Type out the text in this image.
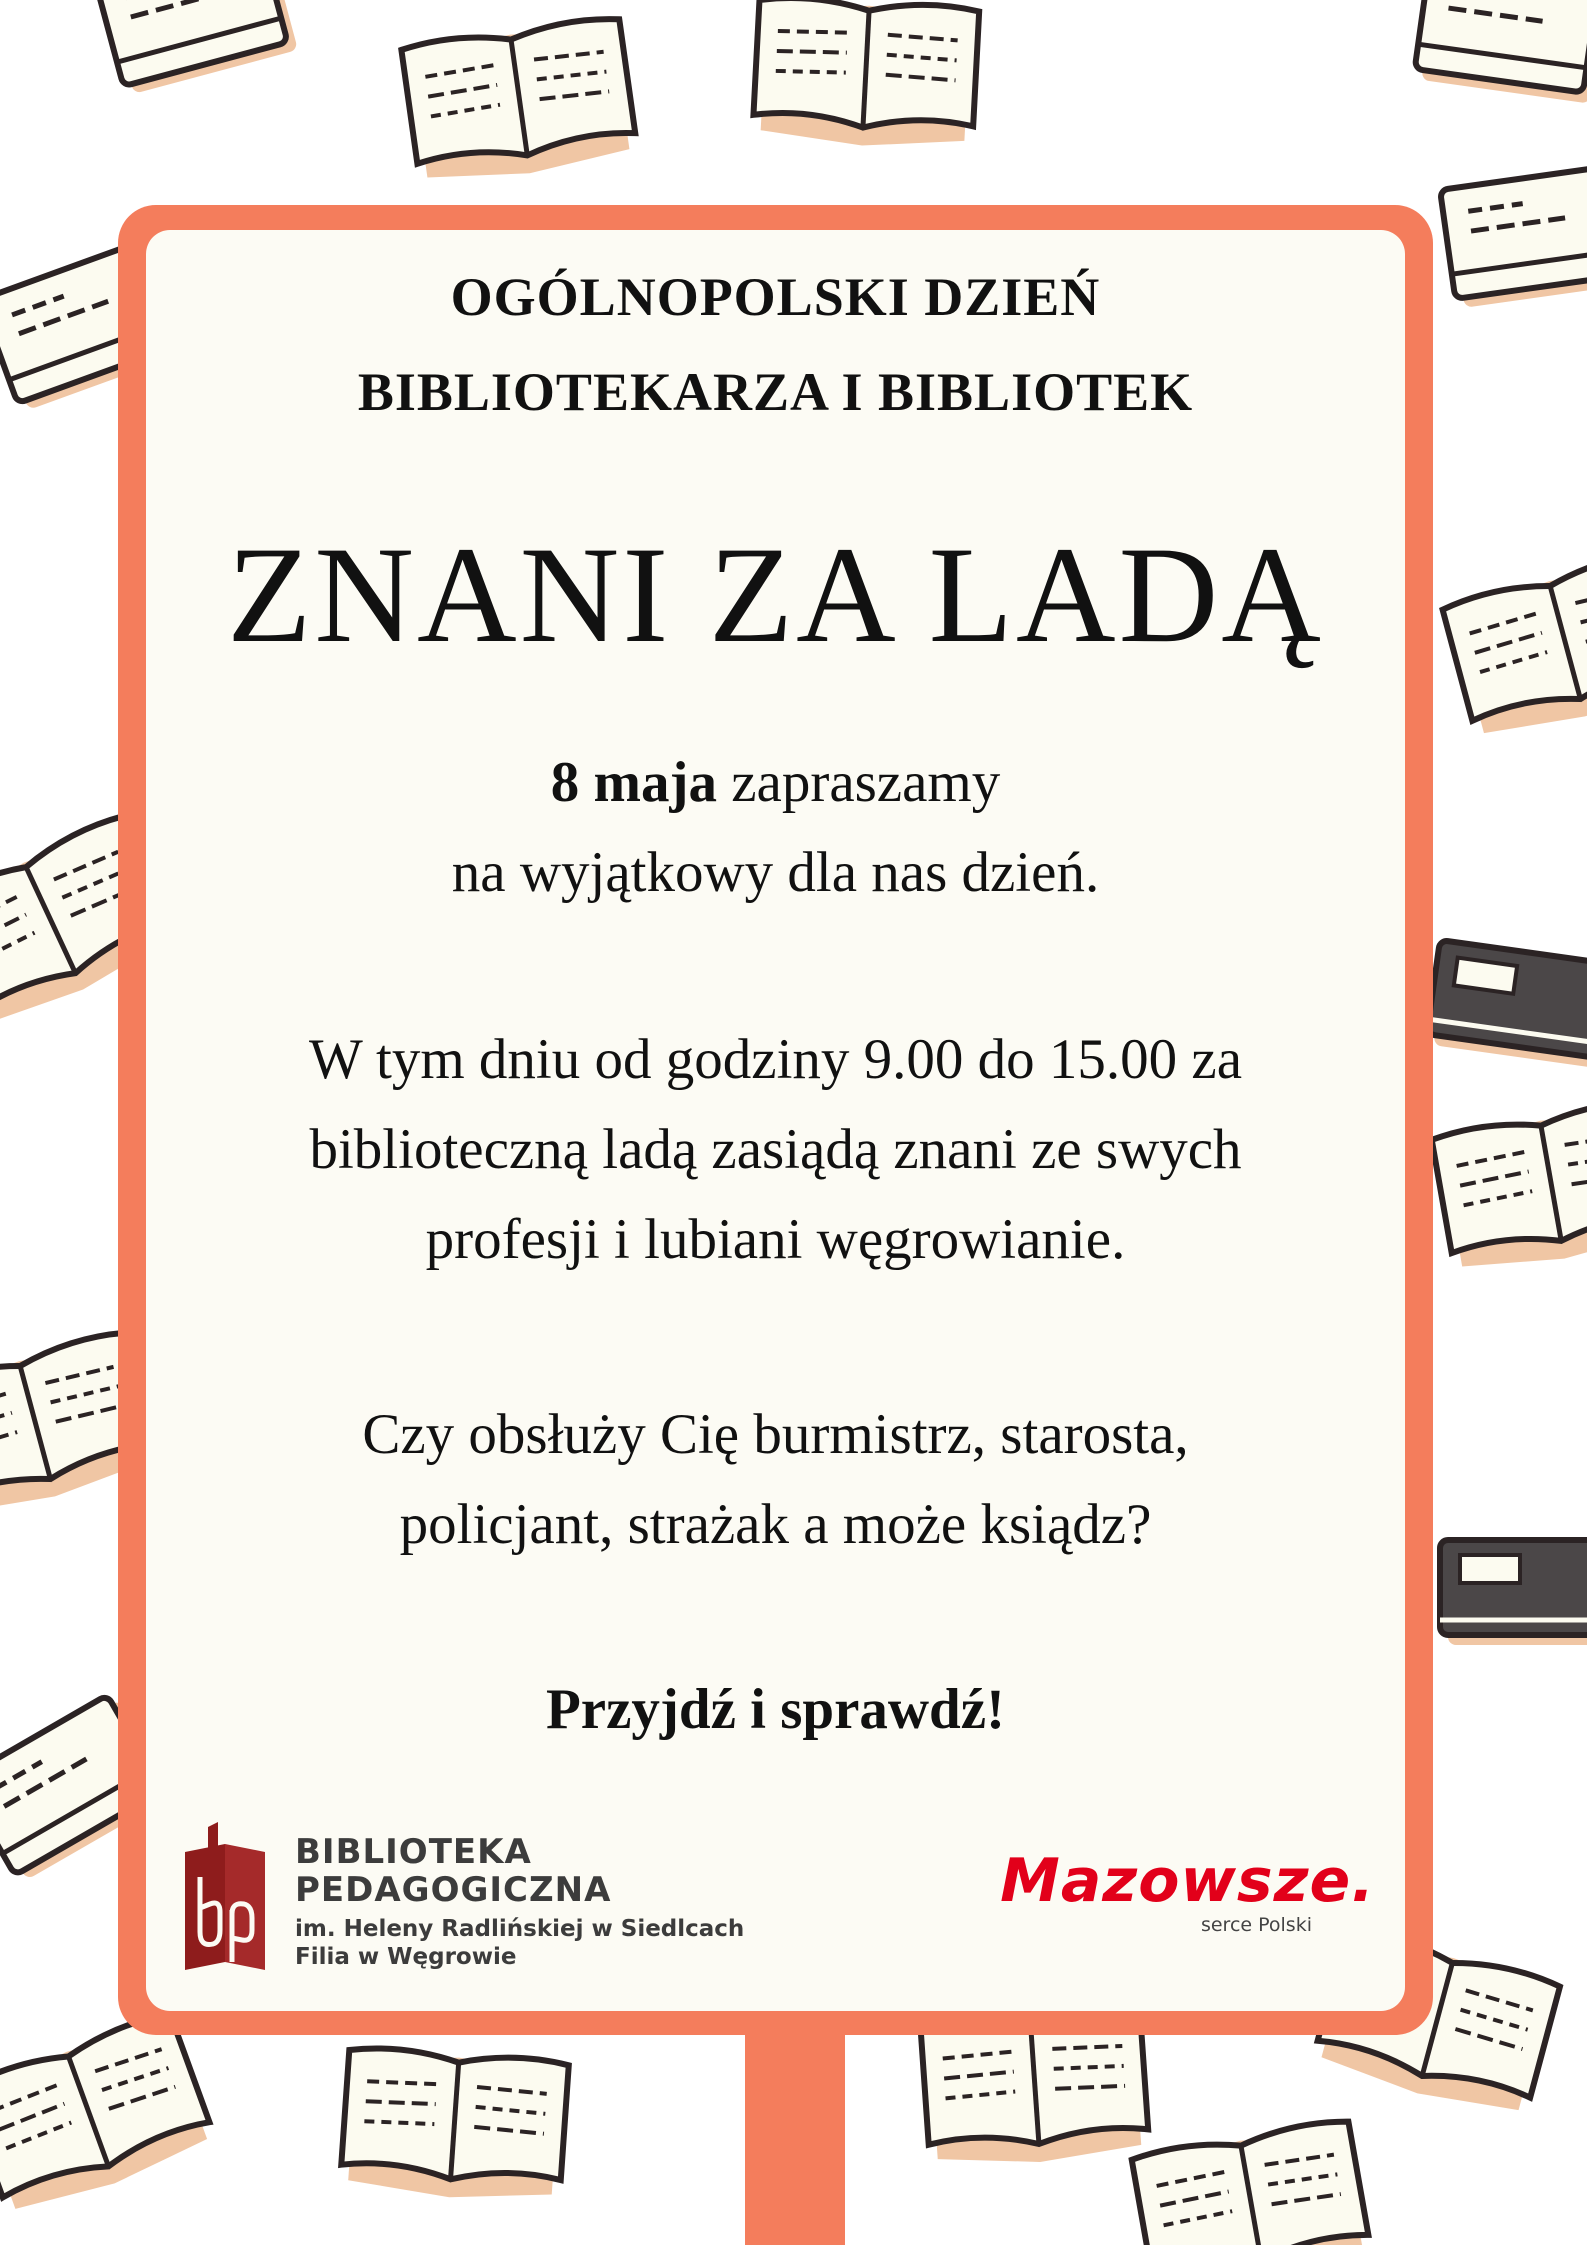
OGÓLNOPOLSKI DZIEŃ
BIBLIOTEKARZA I BIBLIOTEK
ZNANI ZA LADĄ

8 maja zapraszamy
na wyjątkowy dla nas dzień.

W tym dniu od godziny 9.00 do 15.00 za
biblioteczną ladą zasiądą znani ze swych
profesji i lubiani węgrowianie.

Czy obsłuży Cię burmistrz, starosta,
policjant, strażak a może ksiądz?

Przyjdź i sprawdź!

BIBLIOTEKA
PEDAGOGICZNA
im. Heleny Radlińskiej w Siedlcach
Filia w Węgrowie
Mazowsze.
serce Polski
